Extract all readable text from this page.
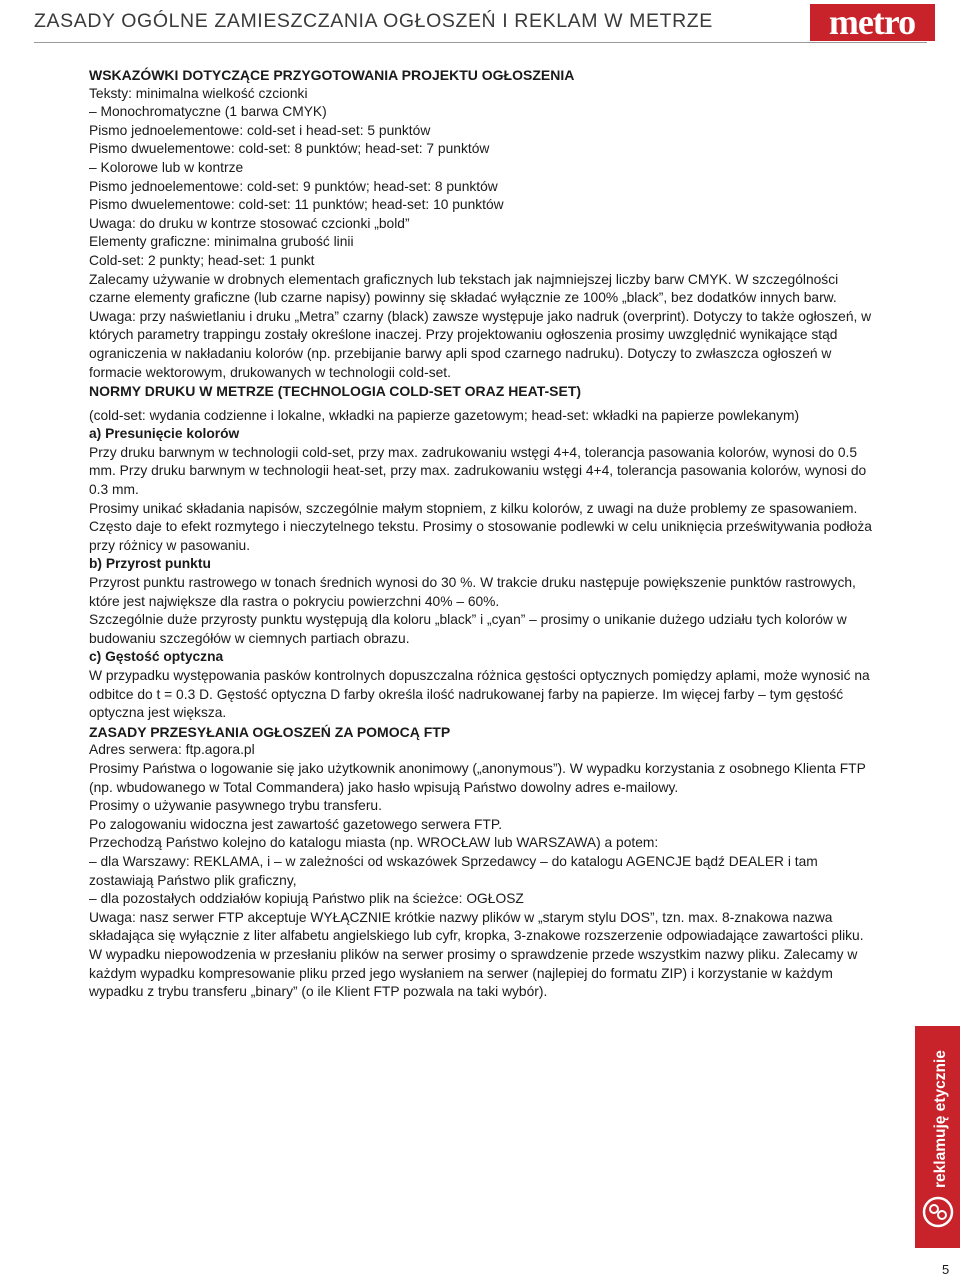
ZASADY OGÓLNE ZAMIESZCZANIA OGŁOSZEŃ I REKLAM W METRZE	metro

WSKAZÓWKI DOTYCZĄCE PRZYGOTOWANIA PROJEKTU OGŁOSZENIA

Teksty: minimalna wielkość czcionki

– Monochromatyczne (1 barwa CMYK)

Pismo jednoelementowe: cold-set i head-set: 5 punktów

Pismo dwuelementowe: cold-set: 8 punktów; head-set: 7 punktów

– Kolorowe lub w kontrze

Pismo jednoelementowe: cold-set: 9 punktów; head-set: 8 punktów

Pismo dwuelementowe: cold-set: 11 punktów; head-set: 10 punktów

Uwaga: do druku w kontrze stosować czcionki „bold”

Elementy graficzne: minimalna grubość linii

Cold-set: 2 punkty; head-set: 1 punkt

Zalecamy używanie w drobnych elementach graficznych lub tekstach jak najmniejszej liczby barw CMYK. W szczególności czarne elementy graficzne (lub czarne napisy) powinny się składać wyłącznie ze 100% „black”, bez dodatków innych barw.

Uwaga: przy naświetlaniu i druku „Metra” czarny (black) zawsze występuje jako nadruk (overprint). Dotyczy to także ogłoszeń, w których parametry trappingu zostały określone inaczej. Przy projektowaniu ogłoszenia prosimy uwzględnić wynikające stąd ograniczenia w nakładaniu kolorów (np. przebijanie barwy apli spod czarnego nadruku). Dotyczy to zwłaszcza ogłoszeń w formacie wektorowym, drukowanych w technologii cold-set.

NORMY DRUKU W METRZE (TECHNOLOGIA COLD-SET ORAZ HEAT-SET)

(cold-set: wydania codzienne i lokalne, wkładki na papierze gazetowym; head-set: wkładki na papierze powlekanym)

a) Presunięcie kolorów

Przy druku barwnym w technologii cold-set, przy max. zadrukowaniu wstęgi 4+4, tolerancja pasowania kolorów, wynosi do 0.5 mm. Przy druku barwnym w technologii heat-set, przy max. zadrukowaniu wstęgi 4+4, tolerancja pasowania kolorów, wynosi do 0.3 mm.

Prosimy unikać składania napisów, szczególnie małym stopniem, z kilku kolorów, z uwagi na duże problemy ze spasowaniem. Często daje to efekt rozmytego i nieczytelnego tekstu. Prosimy o stosowanie podlewki w celu uniknięcia prześwitywania podłoża przy różnicy w pasowaniu.

b) Przyrost punktu

Przyrost punktu rastrowego w tonach średnich wynosi do 30 %. W trakcie druku następuje powiększenie punktów rastrowych, które jest największe dla rastra o pokryciu powierzchni 40% – 60%.

Szczególnie duże przyrosty punktu występują dla koloru „black” i „cyan” – prosimy o unikanie dużego udziału tych kolorów w budowaniu szczegółów w ciemnych partiach obrazu.

c) Gęstość optyczna

W przypadku występowania pasków kontrolnych dopuszczalna różnica gęstości optycznych pomiędzy aplami, może wynosić na odbitce do t = 0.3 D. Gęstość optyczna D farby określa ilość nadrukowanej farby na papierze. Im więcej farby – tym gęstość optyczna jest większa.

ZASADY PRZESYŁANIA OGŁOSZEŃ ZA POMOCĄ FTP

Adres serwera: ftp.agora.pl

Prosimy Państwa o logowanie się jako użytkownik anonimowy („anonymous”). W wypadku korzystania z osobnego Klienta FTP (np. wbudowanego w Total Commandera) jako hasło wpisują Państwo dowolny adres e-mailowy.

Prosimy o używanie pasywnego trybu transferu.

Po zalogowaniu widoczna jest zawartość gazetowego serwera FTP.

Przechodzą Państwo kolejno do katalogu miasta (np. WROCŁAW lub WARSZAWA) a potem:

– dla Warszawy: REKLAMA, i – w zależności od wskazówek Sprzedawcy – do katalogu AGENCJE bądź DEALER i tam zostawiają Państwo plik graficzny,

– dla pozostałych oddziałów kopiują Państwo plik na ścieżce: OGŁOSZ

Uwaga: nasz serwer FTP akceptuje WYŁĄCZNIE krótkie nazwy plików w „starym stylu DOS”, tzn. max. 8-znakowa nazwa składająca się wyłącznie z liter alfabetu angielskiego lub cyfr, kropka, 3-znakowe rozszerzenie odpowiadające zawartości pliku. W wypadku niepowodzenia w przesłaniu plików na serwer prosimy o sprawdzenie przede wszystkim nazwy pliku. Zalecamy w każdym wypadku kompresowanie pliku przed jego wysłaniem na serwer (najlepiej do formatu ZIP) i korzystanie w każdym wypadku z trybu transferu „binary” (o ile Klient FTP pozwala na taki wybór).

reklamuję etycznie
5
